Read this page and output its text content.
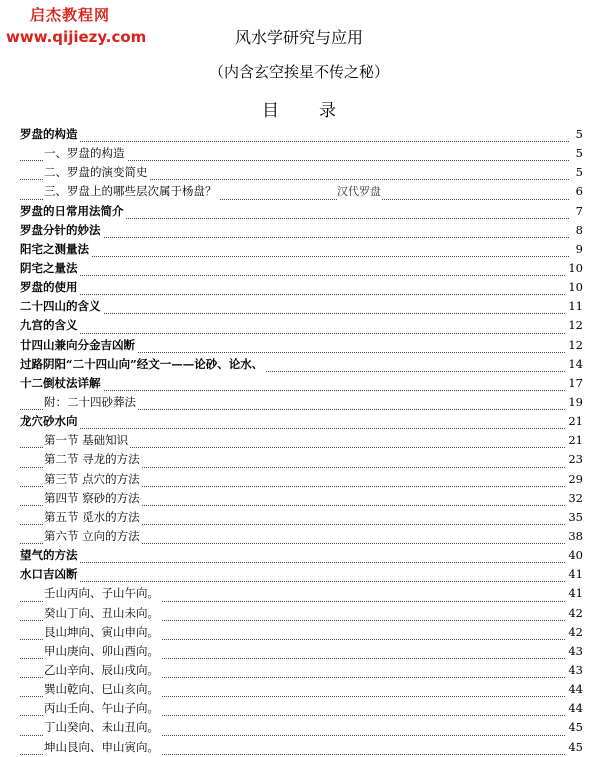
启杰教程网
www.qijiezy.com	风水学研究与应用
（内含玄空挨星不传之秘）
目录
罗盘的构造	5
一、罗盘的构造	5
二、罗盘的演变简史	5
三、罗盘上的哪些层次属于杨盘？	汉代罗盘	6
罗盘的日常用法简介	7
罗盘分针的妙法	8
阳宅之测量法	9
阴宅之量法	10
罗盘的使用	10
二十四山的含义	11
九宫的含义	12
廿四山兼向分金吉凶断	12
过路阴阳“二十四山向”经文一——论砂、论水、	14
十二倒杖法详解	17
附：二十四砂葬法	19
龙穴砂水向	21
第一节 基础知识	21
第二节 寻龙的方法	23
第三节 点穴的方法	29
第四节 察砂的方法	32
第五节 觅水的方法	35
第六节 立向的方法	38
望气的方法	40
水口吉凶断	41
壬山丙向、子山午向。	41
癸山丁向、丑山未向。	42
艮山坤向、寅山申向。	42
甲山庚向、卯山酉向。	43
乙山辛向、辰山戌向。	43
巽山乾向、巳山亥向。	44
丙山壬向、午山子向。	44
丁山癸向、未山丑向。	45
坤山艮向、申山寅向。	45
